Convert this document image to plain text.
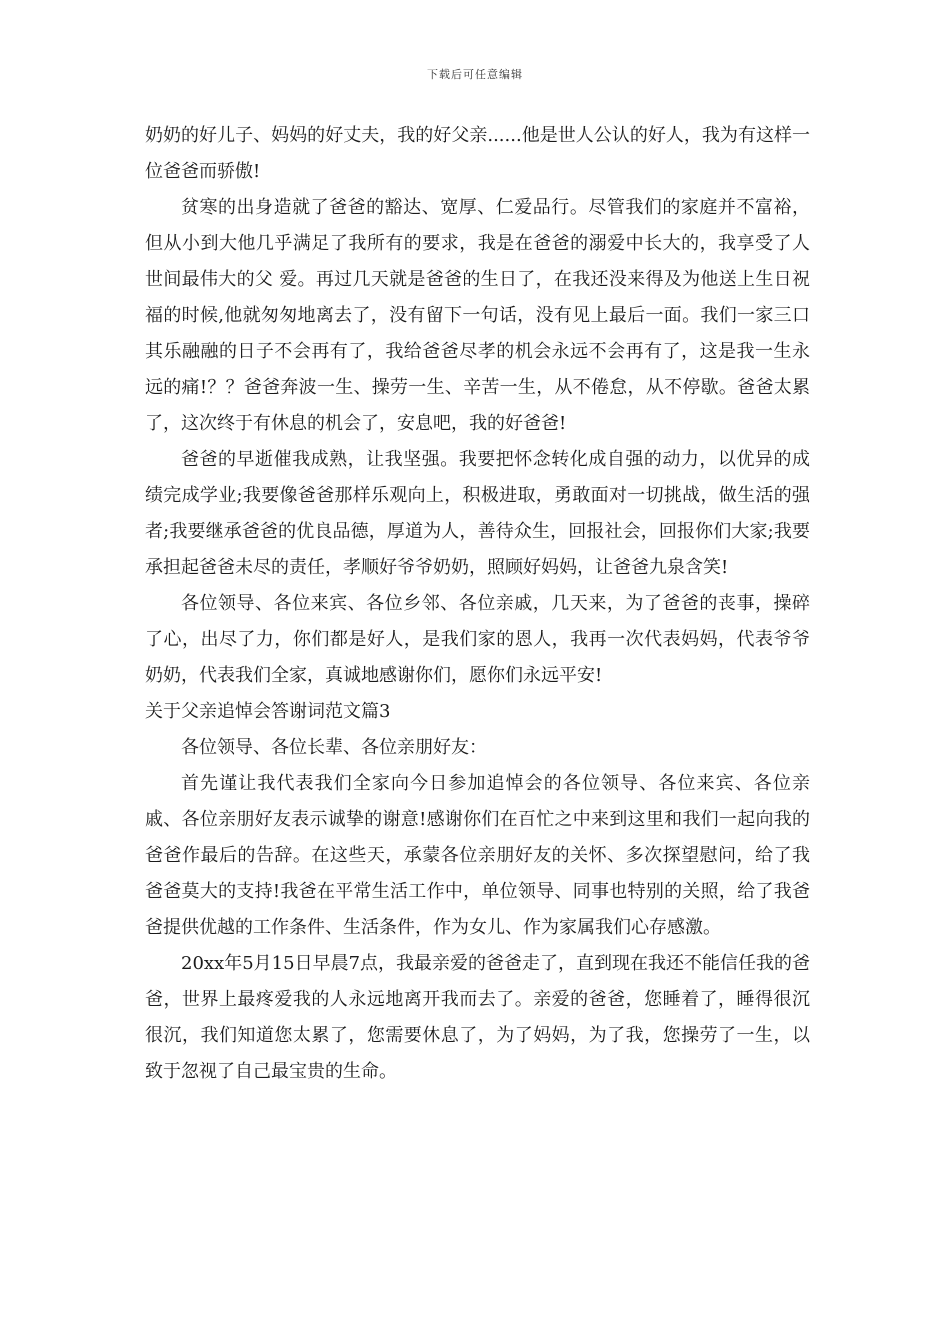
下载后可任意编辑

奶奶的好儿子、妈妈的好丈夫，我的好父亲......他是世人公认的好人，我为有这样一位爸爸而骄傲!

贫寒的出身造就了爸爸的豁达、宽厚、仁爱品行。尽管我们的家庭并不富裕，但从小到大他几乎满足了我所有的要求，我是在爸爸的溺爱中长大的，我享受了人世间最伟大的父 爱。再过几天就是爸爸的生日了，在我还没来得及为他送上生日祝福的时候,他就匆匆地离去了，没有留下一句话，没有见上最后一面。我们一家三口其乐融融的日子不会再有了，我给爸爸尽孝的机会永远不会再有了，这是我一生永远的痛!？？爸爸奔波一生、操劳一生、辛苦一生，从不倦怠，从不停歇。爸爸太累了，这次终于有休息的机会了，安息吧，我的好爸爸!

爸爸的早逝催我成熟，让我坚强。我要把怀念转化成自强的动力，以优异的成绩完成学业;我要像爸爸那样乐观向上，积极进取，勇敢面对一切挑战，做生活的强者;我要继承爸爸的优良品德，厚道为人，善待众生，回报社会，回报你们大家;我要承担起爸爸未尽的责任，孝顺好爷爷奶奶，照顾好妈妈，让爸爸九泉含笑!

各位领导、各位来宾、各位乡邻、各位亲戚，几天来，为了爸爸的丧事，操碎了心，出尽了力，你们都是好人，是我们家的恩人，我再一次代表妈妈，代表爷爷奶奶，代表我们全家，真诚地感谢你们，愿你们永远平安!

关于父亲追悼会答谢词范文篇3

各位领导、各位长辈、各位亲朋好友：

首先谨让我代表我们全家向今日参加追悼会的各位领导、各位来宾、各位亲戚、各位亲朋好友表示诚挚的谢意!感谢你们在百忙之中来到这里和我们一起向我的爸爸作最后的告辞。在这些天，承蒙各位亲朋好友的关怀、多次探望慰问，给了我爸爸莫大的支持!我爸在平常生活工作中，单位领导、同事也特别的关照，给了我爸爸提供优越的工作条件、生活条件，作为女儿、作为家属我们心存感激。

20xx年5月15日早晨7点，我最亲爱的爸爸走了，直到现在我还不能信任我的爸爸，世界上最疼爱我的人永远地离开我而去了。亲爱的爸爸，您睡着了，睡得很沉很沉，我们知道您太累了，您需要休息了，为了妈妈，为了我，您操劳了一生，以致于忽视了自己最宝贵的生命。
